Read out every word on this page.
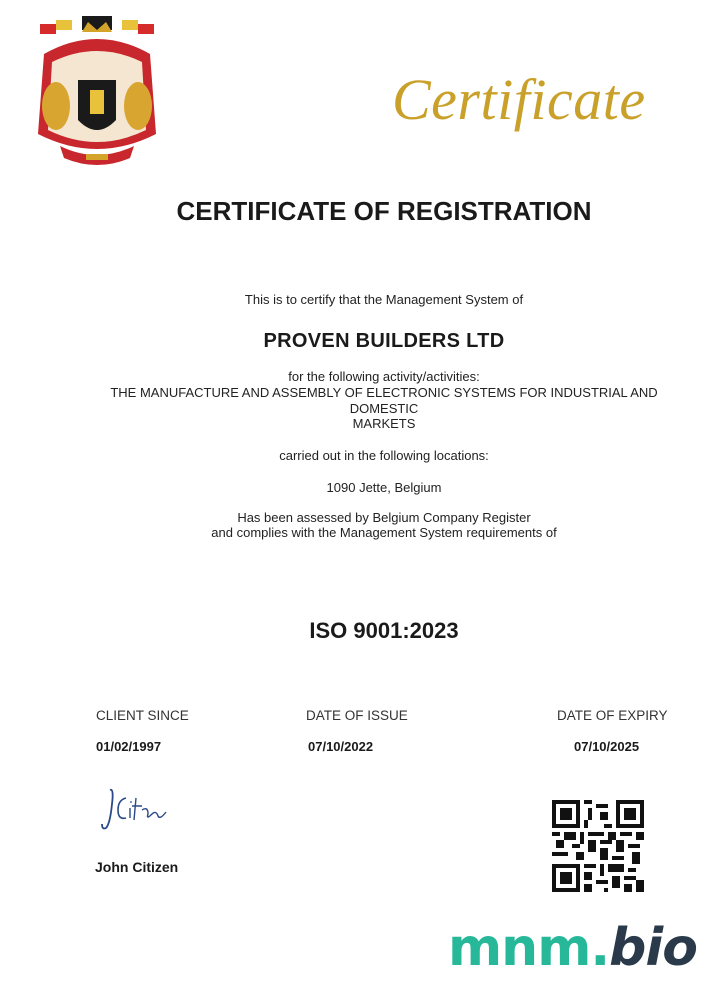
Certificate
CERTIFICATE OF REGISTRATION
This is to certify that the Management System of
PROVEN BUILDERS LTD
for the following activity/activities:
THE MANUFACTURE AND ASSEMBLY OF ELECTRONIC SYSTEMS FOR INDUSTRIAL AND DOMESTIC
MARKETS
carried out in the following locations:
1090 Jette, Belgium
Has been assessed by Belgium Company Register
and complies with the Management System requirements of
ISO 9001:2023
CLIENT SINCE	DATE OF ISSUE	DATE OF EXPIRY
01/02/1997	07/10/2022	07/10/2025
John Citizen
mnm.bio
